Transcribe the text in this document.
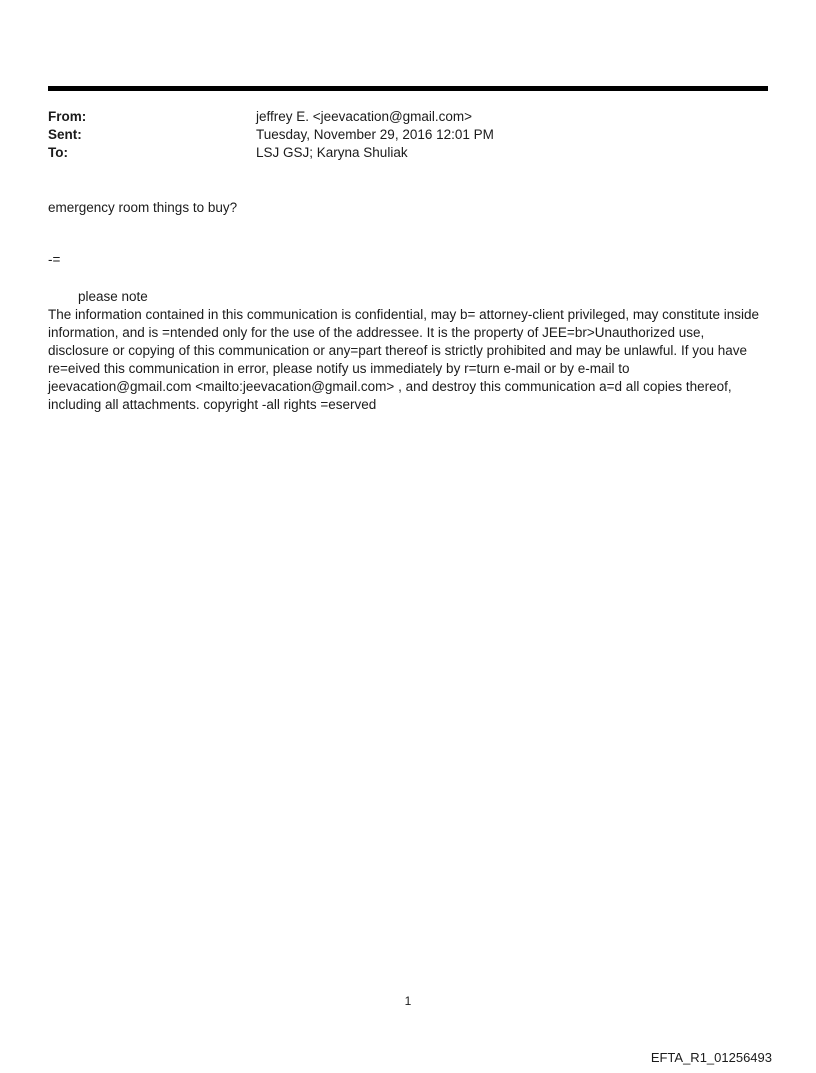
From:	jeffrey E. <jeevacation@gmail.com>
Sent:	Tuesday, November 29, 2016 12:01 PM
To:	LSJ GSJ; Karyna Shuliak
emergency room things to buy?
-=
please note
The information contained in this communication is confidential, may b= attorney-client privileged, may constitute inside information, and is =ntended only for the use of the addressee. It is the property of JEE=br>Unauthorized use, disclosure or copying of this communication or any=part thereof is strictly prohibited and may be unlawful. If you have re=eived this communication in error, please notify us immediately by r=turn e-mail or by e-mail to jeevacation@gmail.com <mailto:jeevacation@gmail.com> , and destroy this communication a=d all copies thereof, including all attachments. copyright -all rights =eserved
1
EFTA_R1_01256493
